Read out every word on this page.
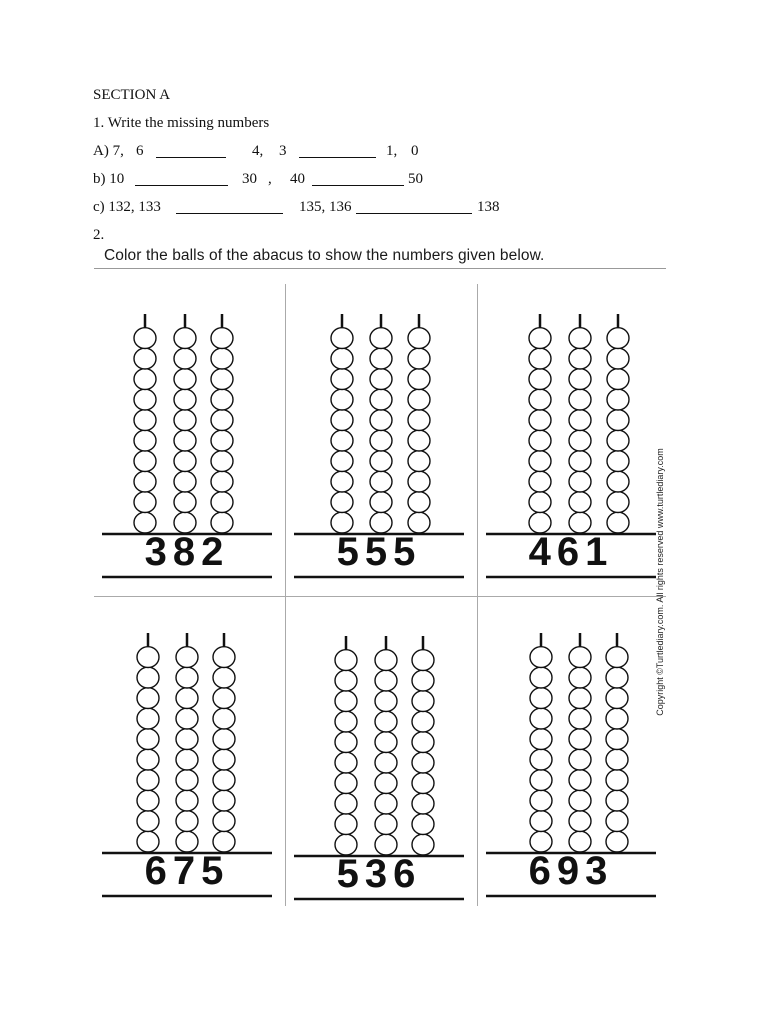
SECTION A
1. Write the missing numbers
A) 7, 6	4, 3	1, 0
b) 10	30 , 40	50
c) 132, 133	135, 136	138
2.
Color the balls of the abacus to show the numbers given below.
382	555	461
675	536	693
Copyright ©Turtlediary.com. All rights reserved www.turtlediary.com
